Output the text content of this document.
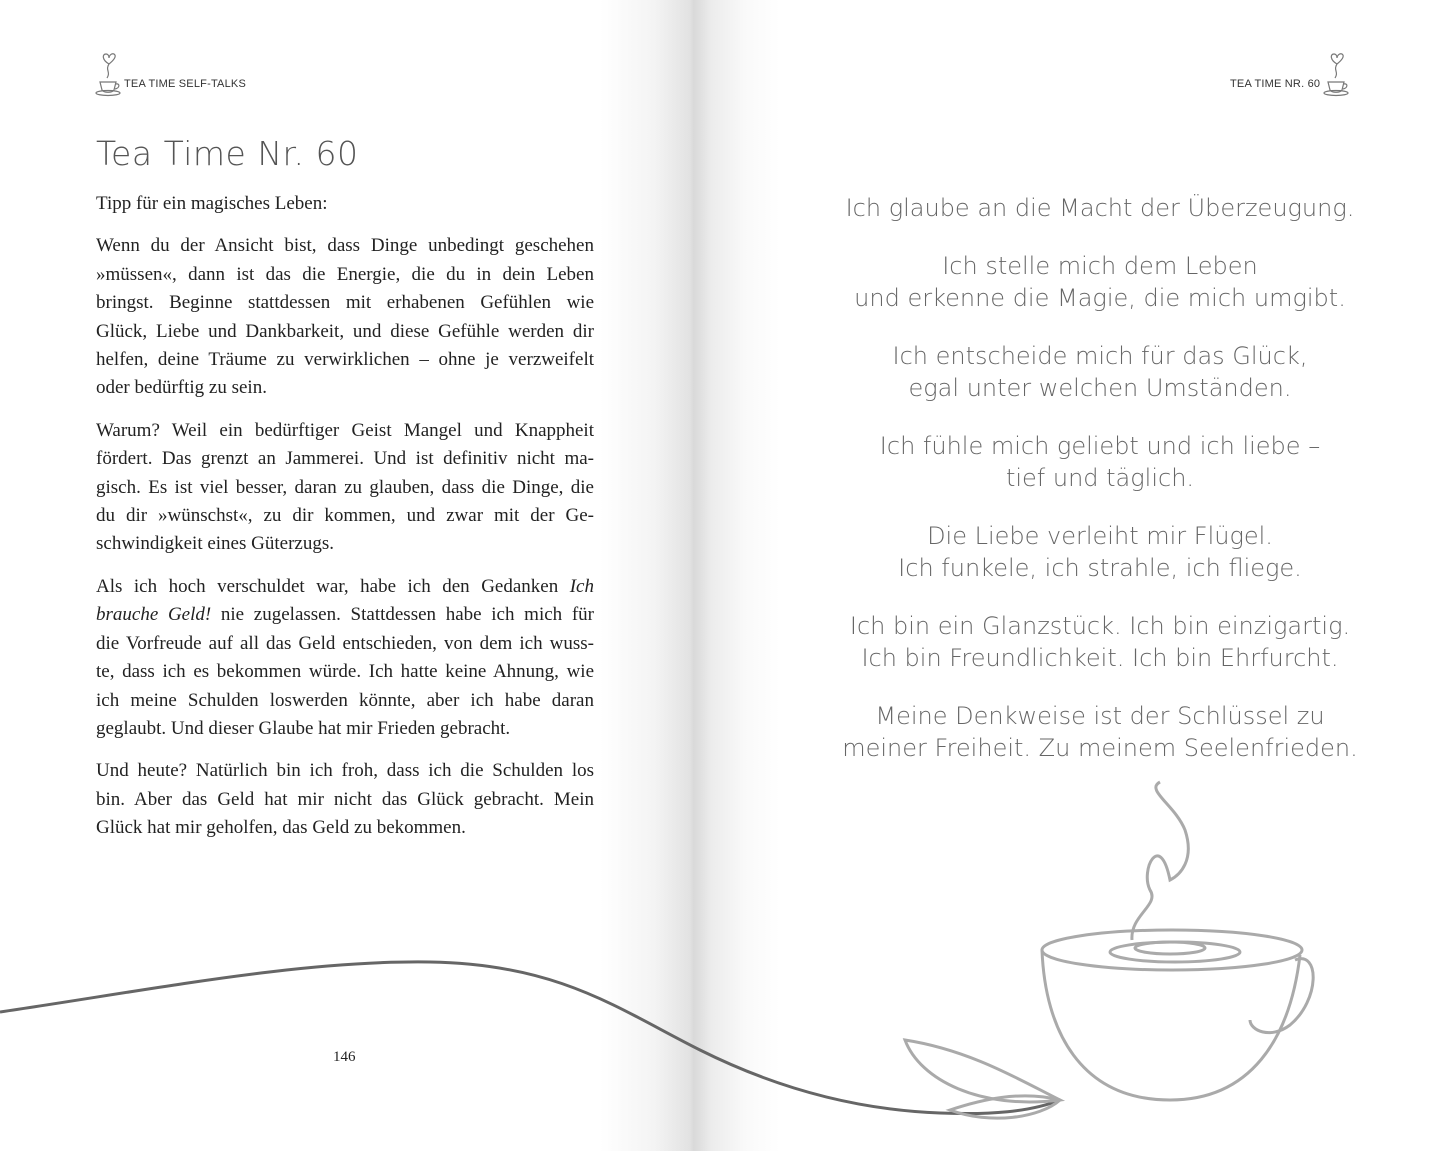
TEA TIME SELF-TALKS	TEA TIME NR. 60
Tea Time Nr. 60
Tipp für ein magisches Leben:
Wenn du der Ansicht bist, dass Dinge unbedingt geschehen
»müssen«, dann ist das die Energie, die du in dein Leben
bringst. Beginne stattdessen mit erhabenen Gefühlen wie
Glück, Liebe und Dankbarkeit, und diese Gefühle werden dir
helfen, deine Träume zu verwirklichen – ohne je verzweifelt
oder bedürftig zu sein.
Warum? Weil ein bedürftiger Geist Mangel und Knappheit
fördert. Das grenzt an Jammerei. Und ist definitiv nicht ma-
gisch. Es ist viel besser, daran zu glauben, dass die Dinge, die
du dir »wünschst«, zu dir kommen, und zwar mit der Ge-
schwindigkeit eines Güterzugs.
Als ich hoch verschuldet war, habe ich den Gedanken Ich
brauche Geld! nie zugelassen. Stattdessen habe ich mich für
die Vorfreude auf all das Geld entschieden, von dem ich wuss-
te, dass ich es bekommen würde. Ich hatte keine Ahnung, wie
ich meine Schulden loswerden könnte, aber ich habe daran
geglaubt. Und dieser Glaube hat mir Frieden gebracht.
Und heute? Natürlich bin ich froh, dass ich die Schulden los
bin. Aber das Geld hat mir nicht das Glück gebracht. Mein
Glück hat mir geholfen, das Geld zu bekommen.
146
Ich glaube an die Macht der Überzeugung.
Ich stelle mich dem Leben
und erkenne die Magie, die mich umgibt.
Ich entscheide mich für das Glück,
egal unter welchen Umständen.
Ich fühle mich geliebt und ich liebe –
tief und täglich.
Die Liebe verleiht mir Flügel.
Ich funkele, ich strahle, ich fliege.
Ich bin ein Glanzstück. Ich bin einzigartig.
Ich bin Freundlichkeit. Ich bin Ehrfurcht.
Meine Denkweise ist der Schlüssel zu
meiner Freiheit. Zu meinem Seelenfrieden.
